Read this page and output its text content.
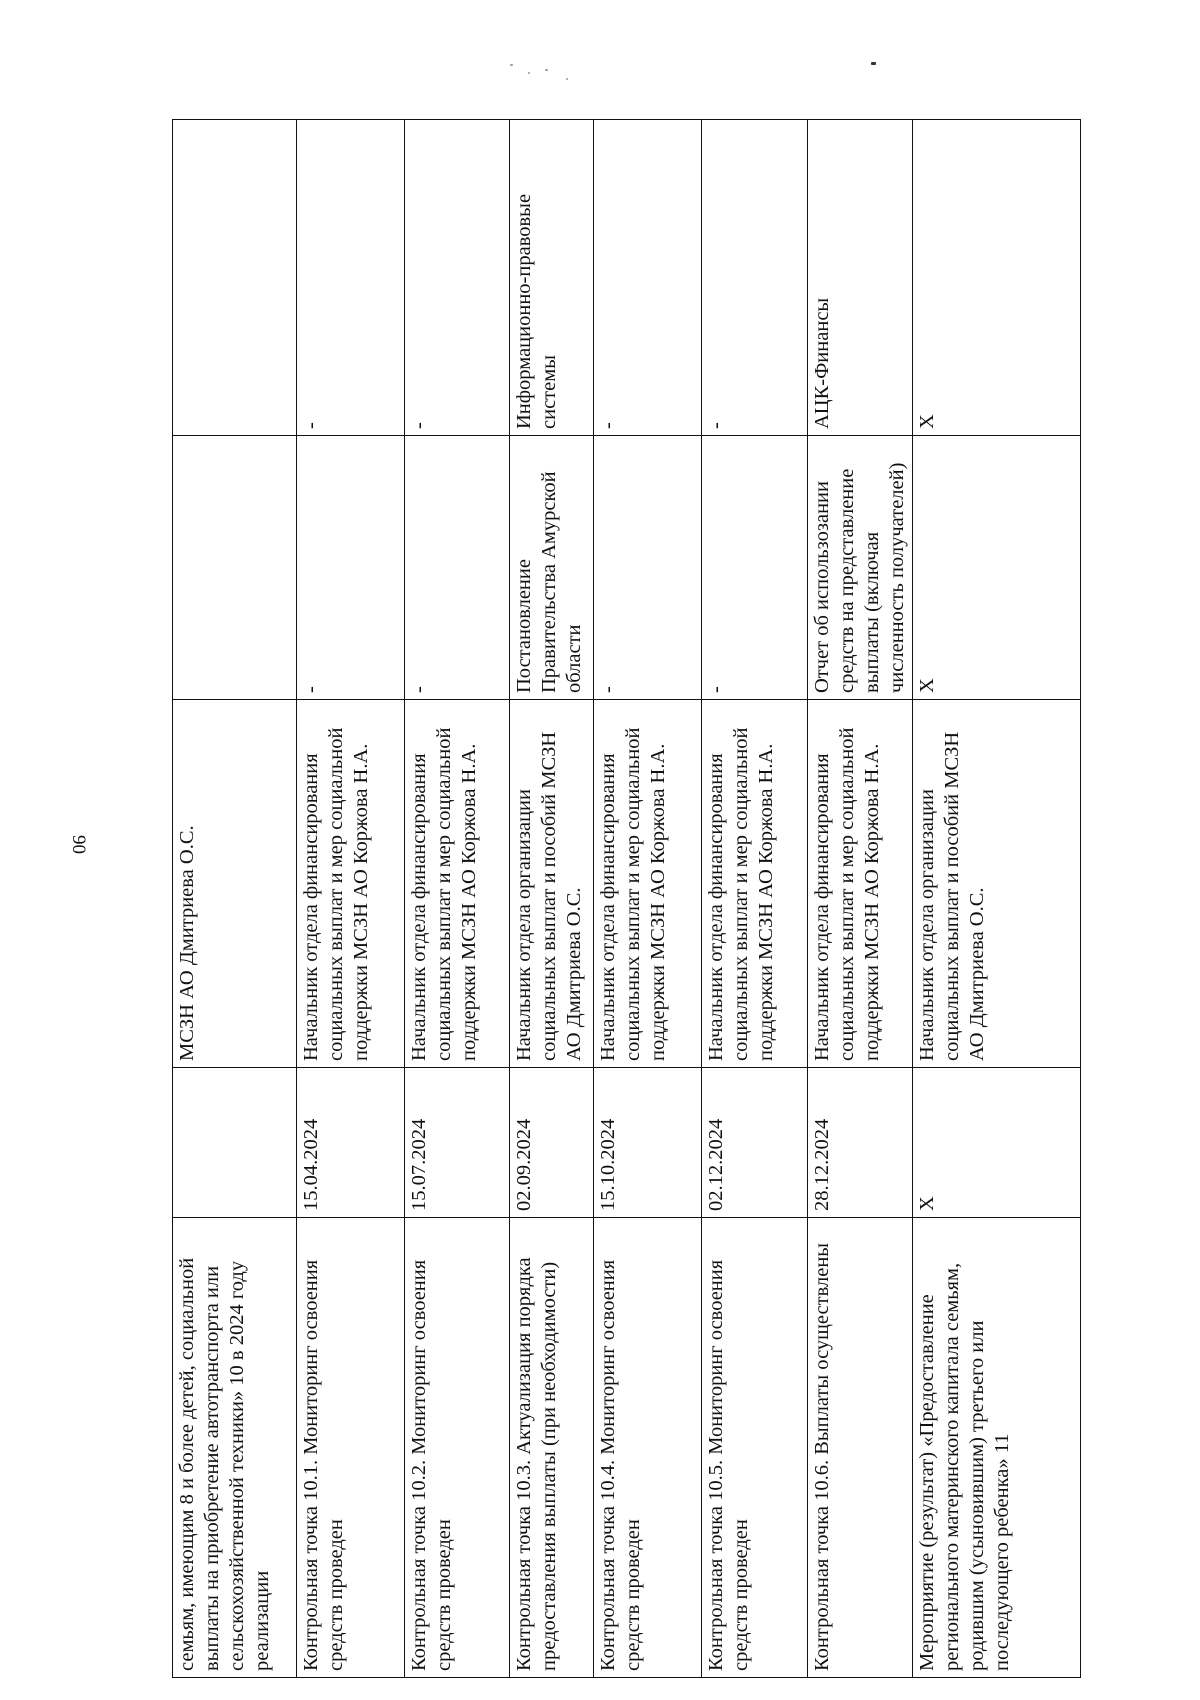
90
семьям, имеющим 8 и более детей, социальной выплаты на приобретение автотранспорта или сельскохозяйственной техники» 10 в 2024 году реализации		МСЗН АО Дмитриева О.С.		
Контрольная точка 10.1. Мониторинг освоения средств проведен	15.04.2024	Начальник отдела финансирования социальных выплат и мер социальной поддержки МСЗН АО Коржова Н.А.	-	-
Контрольная точка 10.2. Мониторинг освоения средств проведен	15.07.2024	Начальник отдела финансирования социальных выплат и мер социальной поддержки МСЗН АО Коржова Н.А.	-	-
Контрольная точка 10.3. Актуализация порядка предоставления выплаты (при необходимости)	02.09.2024	Начальник отдела организации социальных выплат и пособий МСЗН АО Дмитриева О.С.	Постановление Правительства Амурской области	Информационно-правовые системы
Контрольная точка 10.4. Мониторинг освоения средств проведен	15.10.2024	Начальник отдела финансирования социальных выплат и мер социальной поддержки МСЗН АО Коржова Н.А.	-	-
Контрольная точка 10.5. Мониторинг освоения средств проведен	02.12.2024	Начальник отдела финансирования социальных выплат и мер социальной поддержки МСЗН АО Коржова Н.А.	-	-
Контрольная точка 10.6. Выплаты осуществлены	28.12.2024	Начальник отдела финансирования социальных выплат и мер социальной поддержки МСЗН АО Коржова Н.А.	Отчет об использозании средств на представление выплаты (включая численность получателей)	АЦК-Финансы
Мероприятие (результат) «Предоставление регионального материнского капитала семьям, родившим (усыновившим) третьего или последующего ребенка» 11	X	Начальник отдела организации социальных выплат и пособий МСЗН АО Дмитриева О.С.	X	X
